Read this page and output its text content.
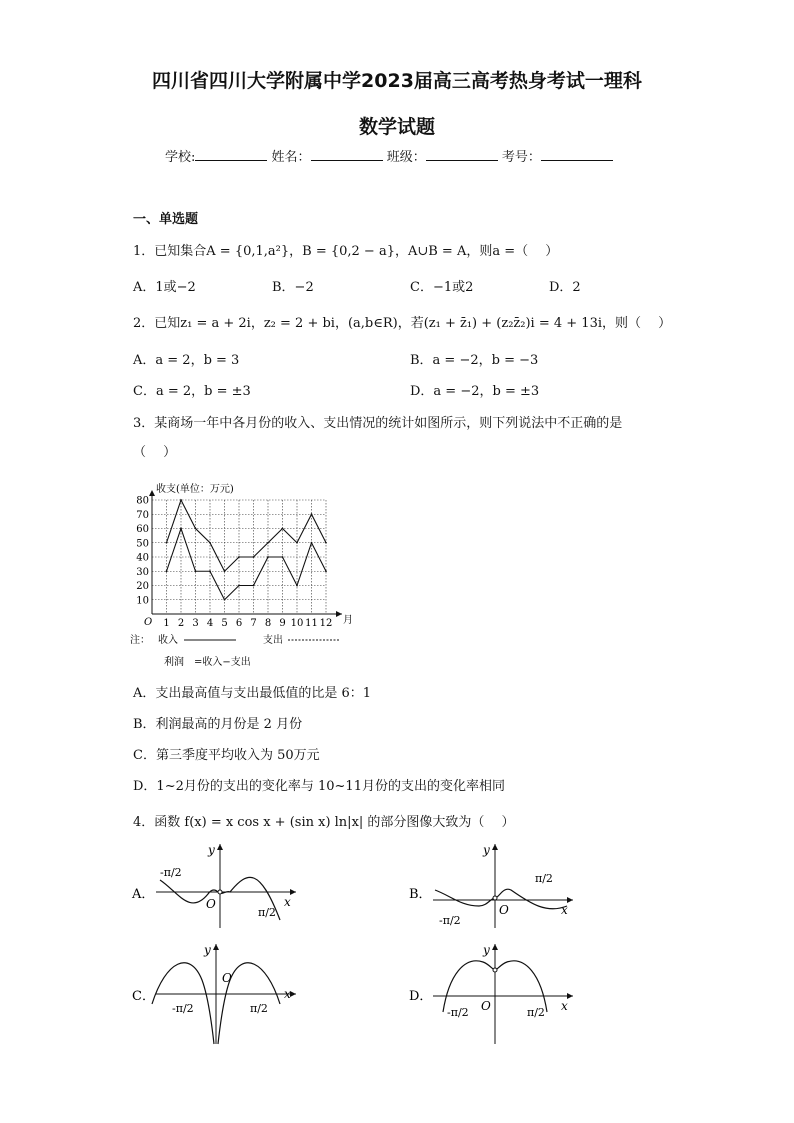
四川省四川大学附属中学2023届高三高考热身考试一理科
数学试题
学校:	姓名：	班级：	考号：
一、单选题
1．已知集合A = {0,1,a²}，B = {0,2 − a}，A∪B = A，则a =（　 ）
A．1或−2	B．−2	C．−1或2	D．2
2．已知z₁ = a + 2i，z₂ = 2 + bi，(a,b∈R)，若(z₁ + z̄₁) + (z₂z̄₂)i = 4 + 13i，则（　 ）
A．a = 2，b = 3	B．a = −2，b = −3
C．a = 2，b = ±3	D．a = −2，b = ±3
3．某商场一年中各月份的收入、支出情况的统计如图所示，则下列说法中不正确的是
（　 ）
10
20
30
40
50
60
70
80
1 2 3 4 5 6 7 8 9 10 11 12
收支(单位：万元)
O	月
注： 收入	支出
利润　=收入−支出
A．支出最高值与支出最低值的比是 6：1
B．利润最高的月份是 2 月份
C．第三季度平均收入为 50万元
D．1~2月份的支出的变化率与 10~11月份的支出的变化率相同
4．函数 f(x) = x cos x + (sin x) ln|x| 的部分图像大致为（　 ）
A．
y
x
O
-π/2
π/2
B．
y
x
O
-π/2
π/2
C．
y
x
O
-π/2	π/2
D．
y
x
O
-π/2	π/2
